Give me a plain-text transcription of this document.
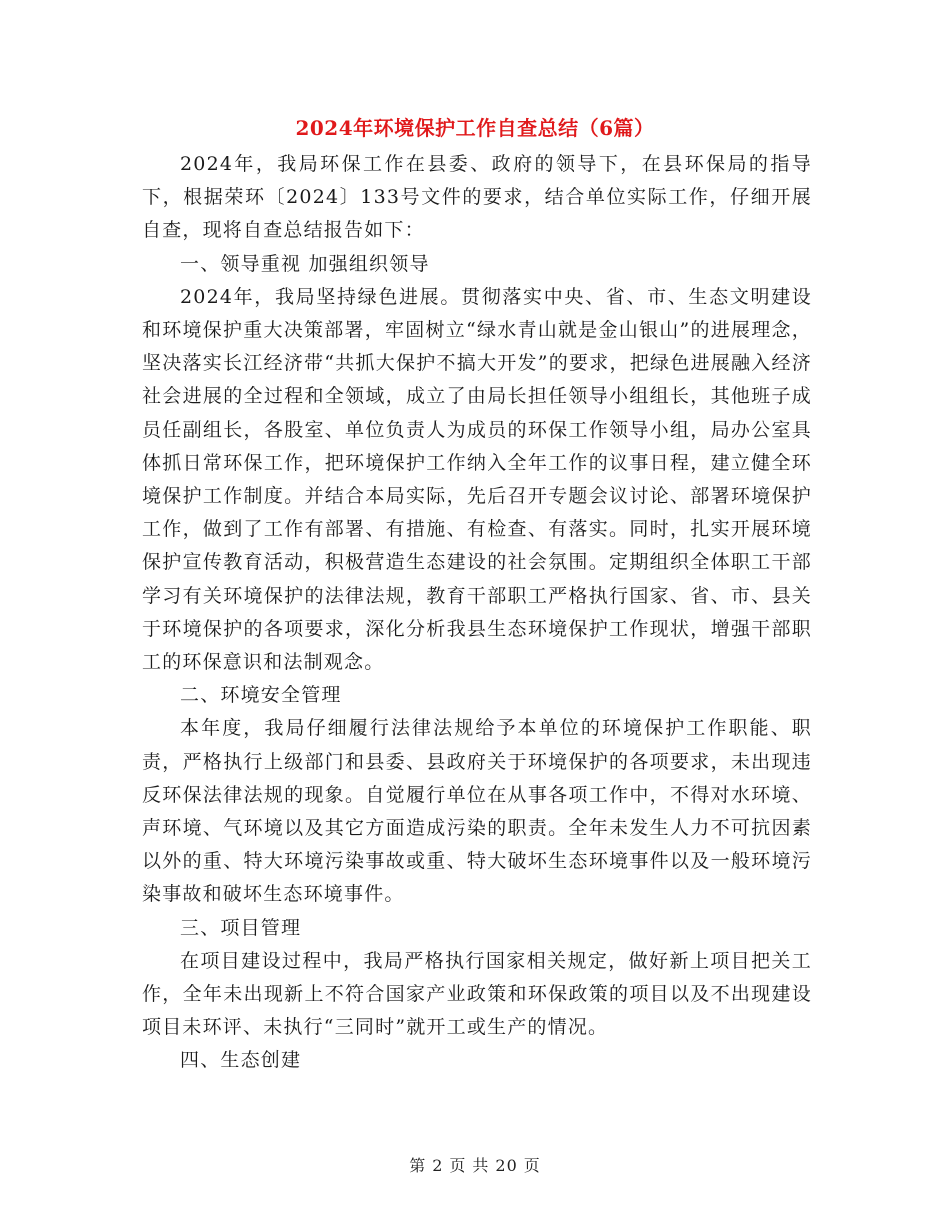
2024年环境保护工作自查总结（6篇）

2024年，我局环保工作在县委、政府的领导下，在县环保局的指导下，根据荣环〔2024〕133号文件的要求，结合单位实际工作，仔细开展自查，现将自查总结报告如下：

一、领导重视 加强组织领导

2024年，我局坚持绿色进展。贯彻落实中央、省、市、生态文明建设和环境保护重大决策部署，牢固树立“绿水青山就是金山银山”的进展理念，坚决落实长江经济带“共抓大保护不搞大开发”的要求，把绿色进展融入经济社会进展的全过程和全领域，成立了由局长担任领导小组组长，其他班子成员任副组长，各股室、单位负责人为成员的环保工作领导小组，局办公室具体抓日常环保工作，把环境保护工作纳入全年工作的议事日程，建立健全环境保护工作制度。并结合本局实际，先后召开专题会议讨论、部署环境保护工作，做到了工作有部署、有措施、有检查、有落实。同时，扎实开展环境保护宣传教育活动，积极营造生态建设的社会氛围。定期组织全体职工干部学习有关环境保护的法律法规，教育干部职工严格执行国家、省、市、县关于环境保护的各项要求，深化分析我县生态环境保护工作现状，增强干部职工的环保意识和法制观念。

二、环境安全管理

本年度，我局仔细履行法律法规给予本单位的环境保护工作职能、职责，严格执行上级部门和县委、县政府关于环境保护的各项要求，未出现违反环保法律法规的现象。自觉履行单位在从事各项工作中，不得对水环境、声环境、气环境以及其它方面造成污染的职责。全年未发生人力不可抗因素以外的重、特大环境污染事故或重、特大破坏生态环境事件以及一般环境污染事故和破坏生态环境事件。

三、项目管理

在项目建设过程中，我局严格执行国家相关规定，做好新上项目把关工作，全年未出现新上不符合国家产业政策和环保政策的项目以及不出现建设项目未环评、未执行“三同时”就开工或生产的情况。

四、生态创建

第 2 页 共 20 页
